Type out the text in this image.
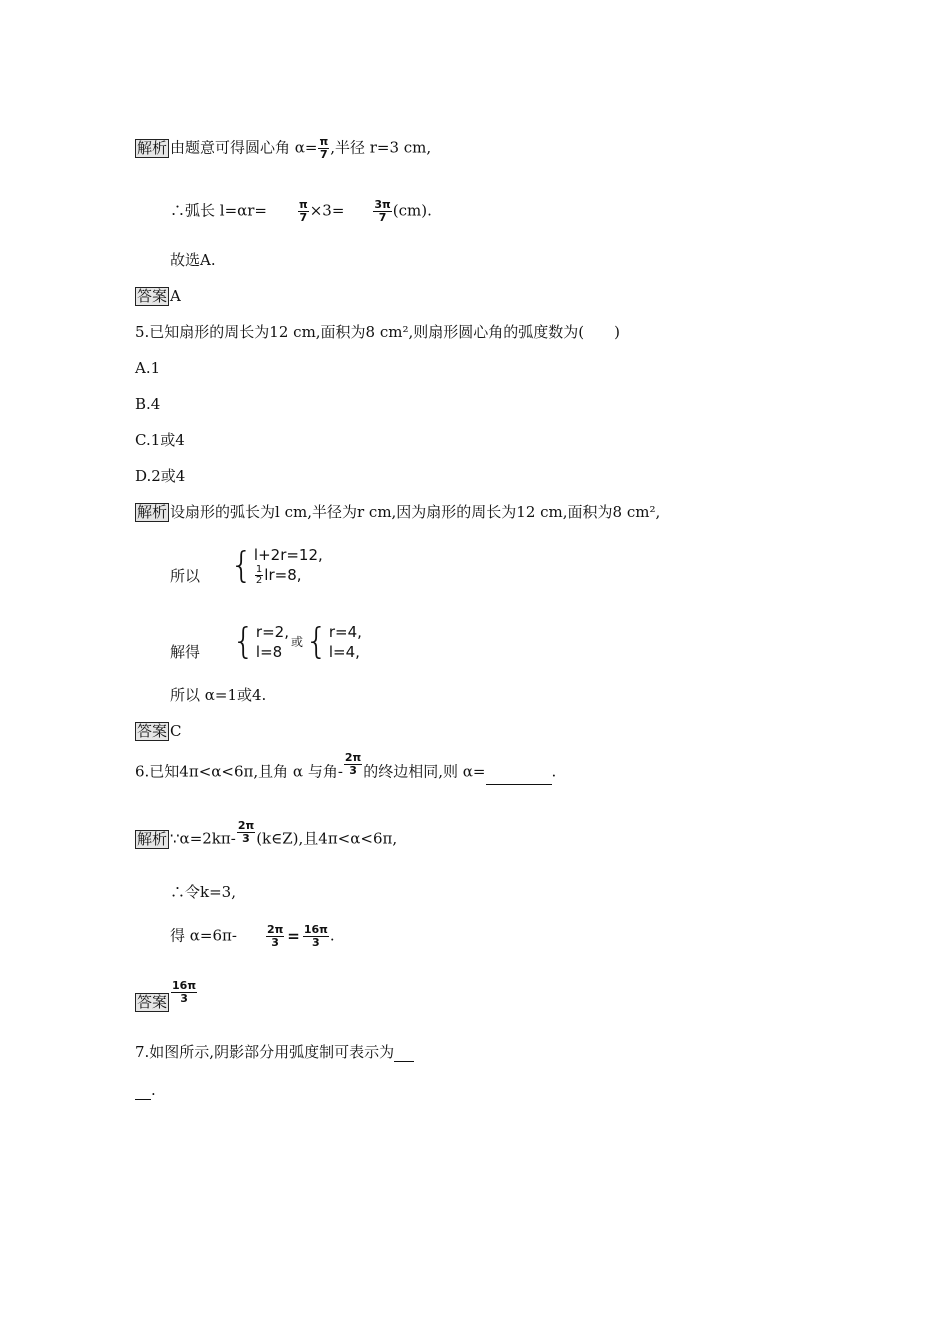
解析 由题意可得圆心角 $\alpha= \frac{\pi}{7}$ ,半径 r=3 cm,
∴弧长 l=αr=	$\frac{\pi}{7} \times 3=$	$\frac{3\pi}{7} (cm)$.
故选A.
答案 A
5.已知扇形的周长为12 cm,面积为8 cm²,则扇形圆心角的弧度数为(　　)
A.1
B.4
C.1或4
D.2或4
解析 设扇形的弧长为l cm,半径为r cm,因为扇形的周长为12 cm,面积为8 cm²,
所以 { l+2r=12,
$\frac{1}{2} lr=8$,
解得 { r=2,
l=8
或 { r=4,
l=4,
所以 α=1或4.
答案 C
6.已知4π<α<6π,且角 α 与角- $\frac{2\pi}{3}$ 的终边相同,则 α=	.
解析 ∵α=2kπ- $\frac{2\pi}{3}$ (k∈Z),且4π<α<6π,
∴令k=3,
得 α=6π-	$\frac{2\pi}{3} = \frac{16\pi}{3}$ .
答案 $\frac{16\pi}{3}$
7.如图所示,阴影部分用弧度制可表示为
.
